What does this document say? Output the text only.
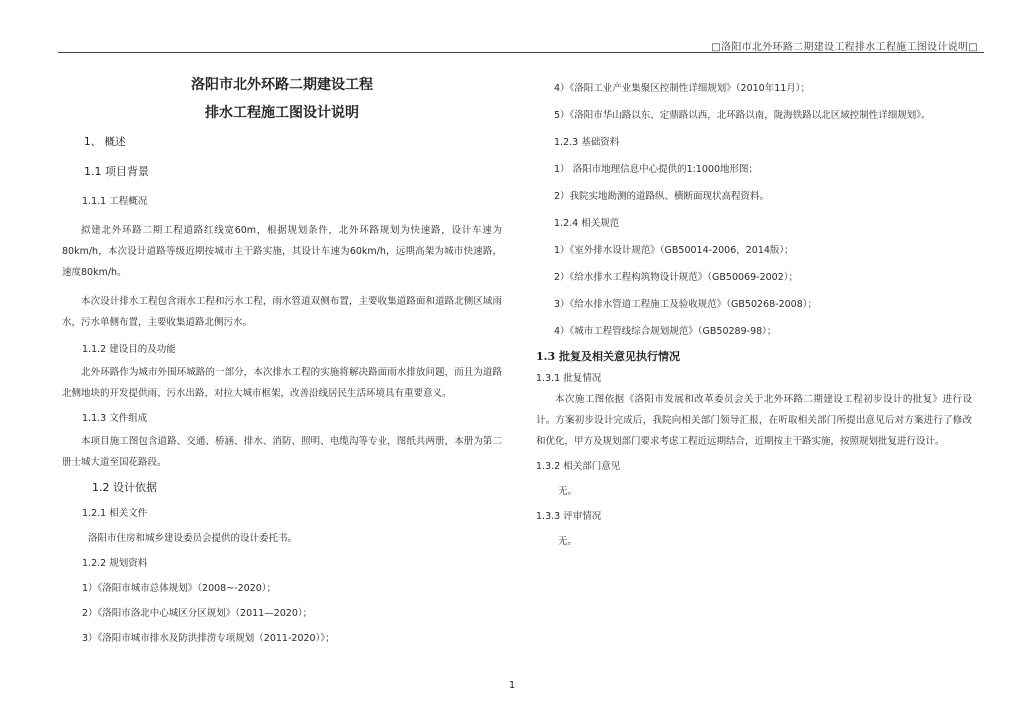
□洛阳市北外环路二期建设工程排水工程施工图设计说明□

洛阳市北外环路二期建设工程

排水工程施工图设计说明

1、 概述

1.1 项目背景

1.1.1 工程概况

拟建北外环路二期工程道路红线宽60m，根据规划条件，北外环路规划为快速路，设计车速为80km/h，本次设计道路等级近期按城市主干路实施，其设计车速为60km/h，远期高架为城市快速路，速度80km/h。

本次设计排水工程包含雨水工程和污水工程，雨水管道双侧布置，主要收集道路面和道路北侧区域雨水，污水单侧布置，主要收集道路北侧污水。

1.1.2 建设目的及功能

北外环路作为城市外围环城路的一部分，本次排水工程的实施将解决路面雨水排放问题，而且为道路北侧地块的开发提供雨、污水出路，对拉大城市框架，改善沿线居民生活环境具有重要意义。

1.1.3 文件组成

本项目施工图包含道路、交通、桥涵、排水、消防、照明、电缆沟等专业，图纸共两册，本册为第二册士城大道至国花路段。

1.2 设计依据

1.2.1 相关文件

洛阳市住房和城乡建设委员会提供的设计委托书。

1.2.2 规划资料

1）《洛阳市城市总体规划》（2008~-2020）；

2）《洛阳市洛北中心城区分区规划》（2011—2020）；

3）《洛阳市城市排水及防洪排涝专项规划（2011-2020）》；

4）《洛阳工业产业集聚区控制性详细规划》（2010年11月）；

5）《洛阳市华山路以东、定鼎路以西，北环路以南，陇海铁路以北区域控制性详细规划》。

1.2.3 基础资料

1） 洛阳市地理信息中心提供的1:1000地形图；

2）我院实地勘测的道路纵、横断面现状高程资料。

1.2.4 相关规范

1）《室外排水设计规范》（GB50014-2006，2014版）；

2）《给水排水工程构筑物设计规范》（GB50069-2002）；

3）《给水排水管道工程施工及验收规范》（GB50268-2008）；

4）《城市工程管线综合规划规范》（GB50289-98）；

1.3 批复及相关意见执行情况

1.3.1 批复情况

本次施工图依据《洛阳市发展和改革委员会关于北外环路二期建设工程初步设计的批复》进行设计。方案初步设计完成后，我院向相关部门领导汇报，在听取相关部门所提出意见后对方案进行了修改和优化，甲方及规划部门要求考虑工程近远期结合，近期按主干路实施，按照规划批复进行设计。

1.3.2 相关部门意见

无。

1.3.3 评审情况

无。

1
